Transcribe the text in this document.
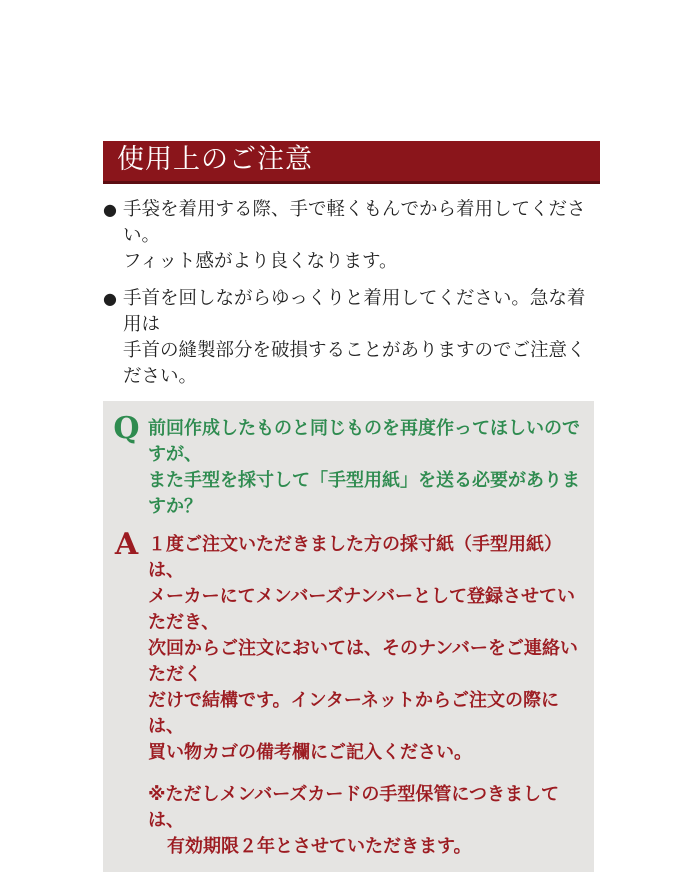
使用上のご注意
● 手袋を着用する際、手で軽くもんでから着用してください。
フィット感がより良くなります。
● 手首を回しながらゆっくりと着用してください。急な着用は
手首の縫製部分を破損することがありますのでご注意ください。
Q 前回作成したものと同じものを再度作ってほしいのですが、
また手型を採寸して「手型用紙」を送る必要がありますか？
A １度ご注文いただきました方の採寸紙（手型用紙）は、
メーカーにてメンバーズナンバーとして登録させていただき、
次回からご注文においては、そのナンバーをご連絡いただく
だけで結構です。インターネットからご注文の際には、
買い物カゴの備考欄にご記入ください。
※ただしメンバーズカードの手型保管につきましては、
有効期限２年とさせていただきます。
